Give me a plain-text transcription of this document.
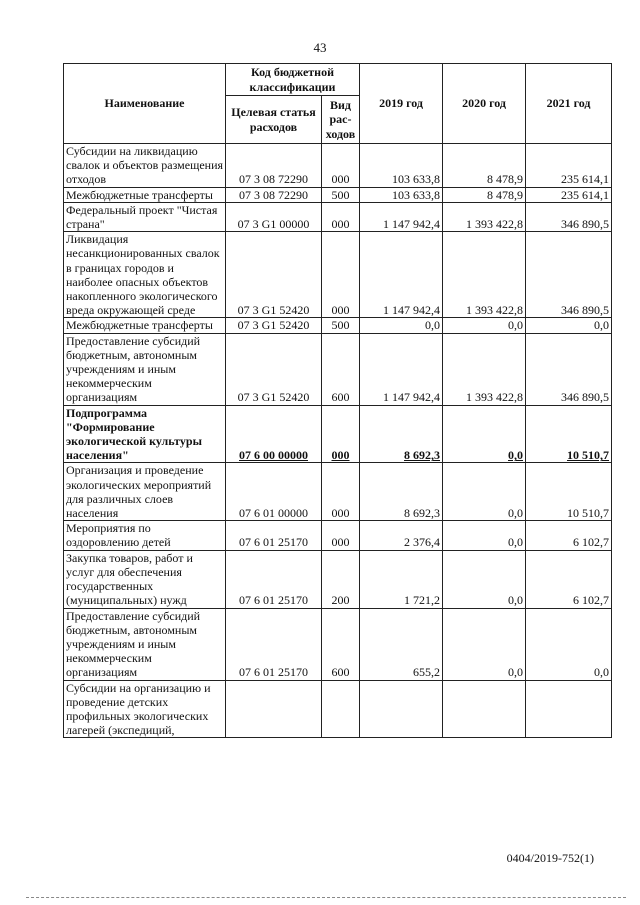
43
Наименование	Код бюджетной классификации		2019 год	2020 год	2021 год
	Целевая статья расходов	Вид рас-ходов			
Субсидии на ликвидацию свалок и объектов размещения отходов	07 3 08 72290	000	103 633,8	8 478,9	235 614,1
Межбюджетные трансферты	07 3 08 72290	500	103 633,8	8 478,9	235 614,1
Федеральный проект "Чистая страна"	07 3 G1 00000	000	1 147 942,4	1 393 422,8	346 890,5
Ликвидация несанкционированных свалок в границах городов и наиболее опасных объектов накопленного экологического вреда окружающей среде	07 3 G1 52420	000	1 147 942,4	1 393 422,8	346 890,5
Межбюджетные трансферты	07 3 G1 52420	500	0,0	0,0	0,0
Предоставление субсидий бюджетным, автономным учреждениям и иным некоммерческим организациям	07 3 G1 52420	600	1 147 942,4	1 393 422,8	346 890,5
Подпрограмма "Формирование экологической культуры населения"	07 6 00 00000	000	8 692,3	0,0	10 510,7
Организация и проведение экологических мероприятий для различных слоев населения	07 6 01 00000	000	8 692,3	0,0	10 510,7
Мероприятия по оздоровлению детей	07 6 01 25170	000	2 376,4	0,0	6 102,7
Закупка товаров, работ и услуг для обеспечения государственных (муниципальных) нужд	07 6 01 25170	200	1 721,2	0,0	6 102,7
Предоставление субсидий бюджетным, автономным учреждениям и иным некоммерческим организациям	07 6 01 25170	600	655,2	0,0	0,0
Субсидии на организацию и проведение детских профильных экологических лагерей (экспедиций,					
0404/2019-752(1)
